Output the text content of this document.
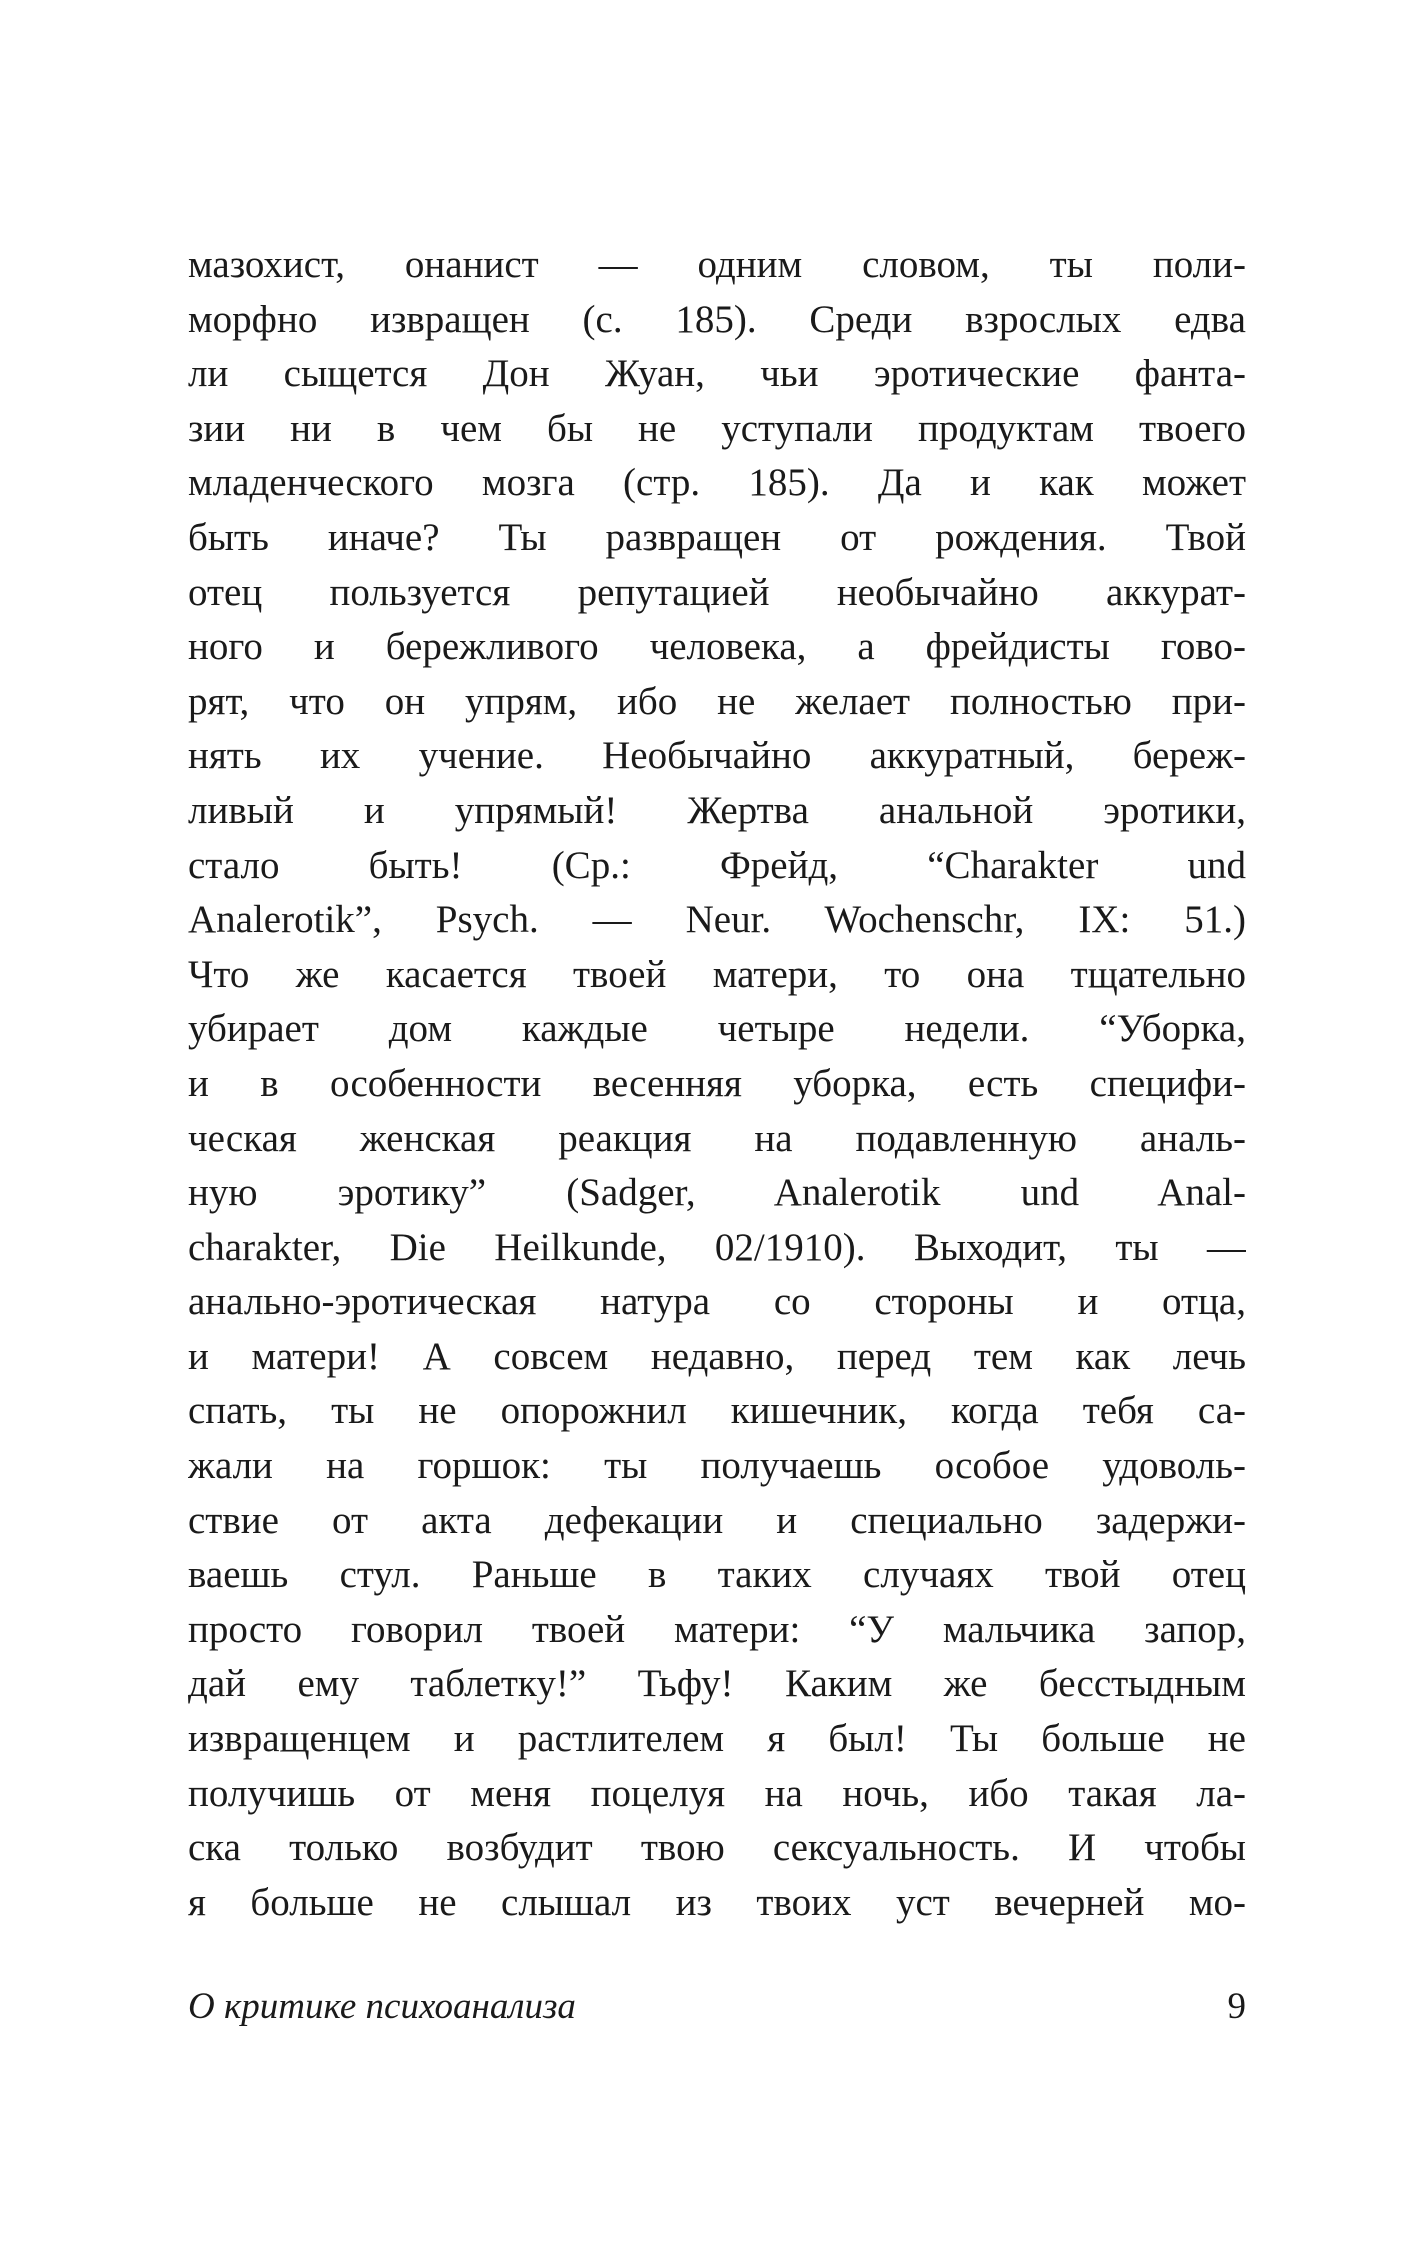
мазохист, онанист — одним словом, ты поли-
морфно извращен (с. 185). Среди взрослых едва
ли сыщется Дон Жуан, чьи эротические фанта-
зии ни в чем бы не уступали продуктам твоего
младенческого мозга (стр. 185). Да и как может
быть иначе? Ты развращен от рождения. Твой
отец пользуется репутацией необычайно аккурат-
ного и бережливого человека, а фрейдисты гово-
рят, что он упрям, ибо не желает полностью при-
нять их учение. Необычайно аккуратный, береж-
ливый и упрямый! Жертва анальной эротики,
стало быть! (Ср.: Фрейд, “Charakter und
Analerotik”, Psych. — Neur. Wochenschr, IX: 51.)
Что же касается твоей матери, то она тщательно
убирает дом каждые четыре недели. “Уборка,
и в особенности весенняя уборка, есть специфи-
ческая женская реакция на подавленную аналь-
ную эротику” (Sadger, Analerotik und Anal-
charakter, Die Heilkunde, 02/1910). Выходит, ты —
анально-эротическая натура со стороны и отца,
и матери! А совсем недавно, перед тем как лечь
спать, ты не опорожнил кишечник, когда тебя са-
жали на горшок: ты получаешь особое удоволь-
ствие от акта дефекации и специально задержи-
ваешь стул. Раньше в таких случаях твой отец
просто говорил твоей матери: “У мальчика запор,
дай ему таблетку!” Тьфу! Каким же бесстыдным
извращенцем и растлителем я был! Ты больше не
получишь от меня поцелуя на ночь, ибо такая ла-
ска только возбудит твою сексуальность. И чтобы
я больше не слышал из твоих уст вечерней мо-
О критике психоанализа	9
